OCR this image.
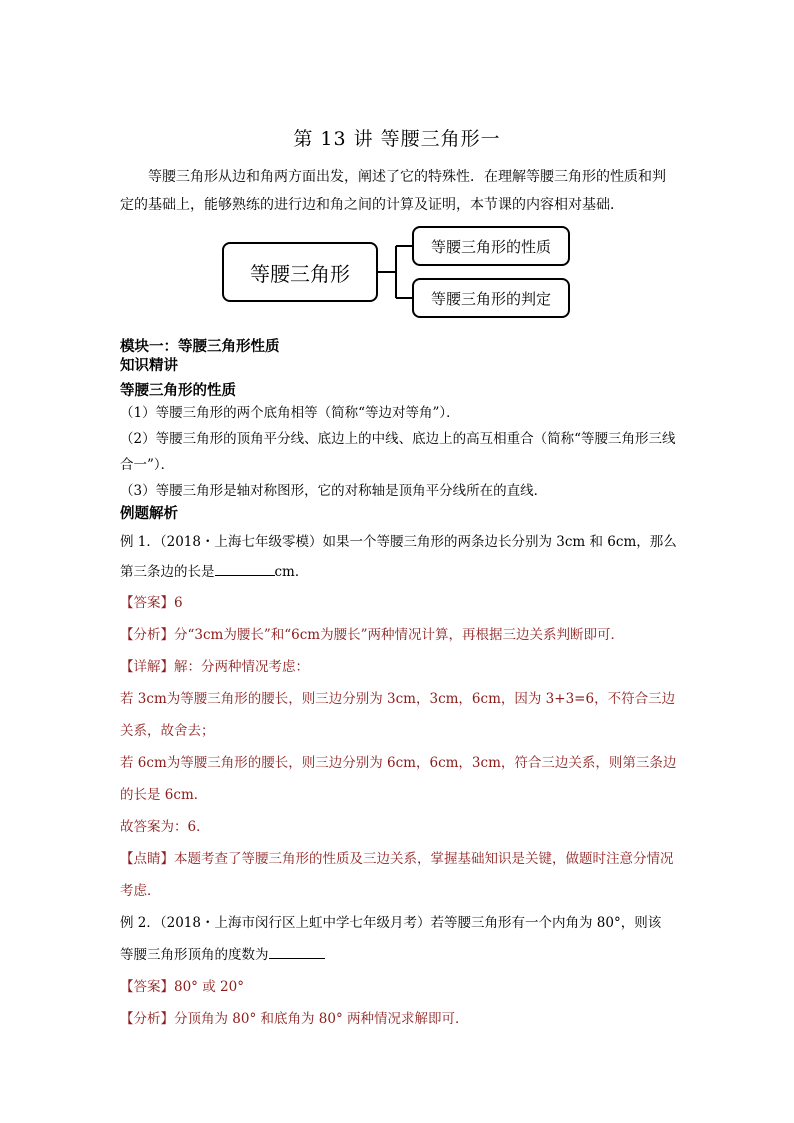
第 13 讲 等腰三角形一
等腰三角形从边和角两方面出发，阐述了它的特殊性．在理解等腰三角形的性质和判定的基础上，能够熟练的进行边和角之间的计算及证明，本节课的内容相对基础．
等腰三角形
等腰三角形的性质
等腰三角形的判定
模块一：等腰三角形性质
知识精讲
等腰三角形的性质
（1）等腰三角形的两个底角相等（简称“等边对等角”）．
（2）等腰三角形的顶角平分线、底边上的中线、底边上的高互相重合（简称“等腰三角形三线合一”）．
（3）等腰三角形是轴对称图形，它的对称轴是顶角平分线所在的直线．
例题解析
例 1．（2018・上海七年级零模）如果一个等腰三角形的两条边长分别为 3cm 和 6cm，那么
第三条边的长是	cm．
【答案】6
【分析】分“3cm为腰长”和“6cm为腰长”两种情况计算，再根据三边关系判断即可．
【详解】解：分两种情况考虑：
若 3cm为等腰三角形的腰长，则三边分别为 3cm，3cm，6cm，因为 3+3=6，不符合三边关系，故舍去；
若 6cm为等腰三角形的腰长，则三边分别为 6cm，6cm，3cm，符合三边关系，则第三条边的长是 6cm．
故答案为：6．
【点睛】本题考查了等腰三角形的性质及三边关系，掌握基础知识是关键，做题时注意分情况考虑．
例 2．（2018・上海市闵行区上虹中学七年级月考）若等腰三角形有一个内角为 80°，则该
等腰三角形顶角的度数为
【答案】80° 或 20°
【分析】分顶角为 80° 和底角为 80° 两种情况求解即可．
